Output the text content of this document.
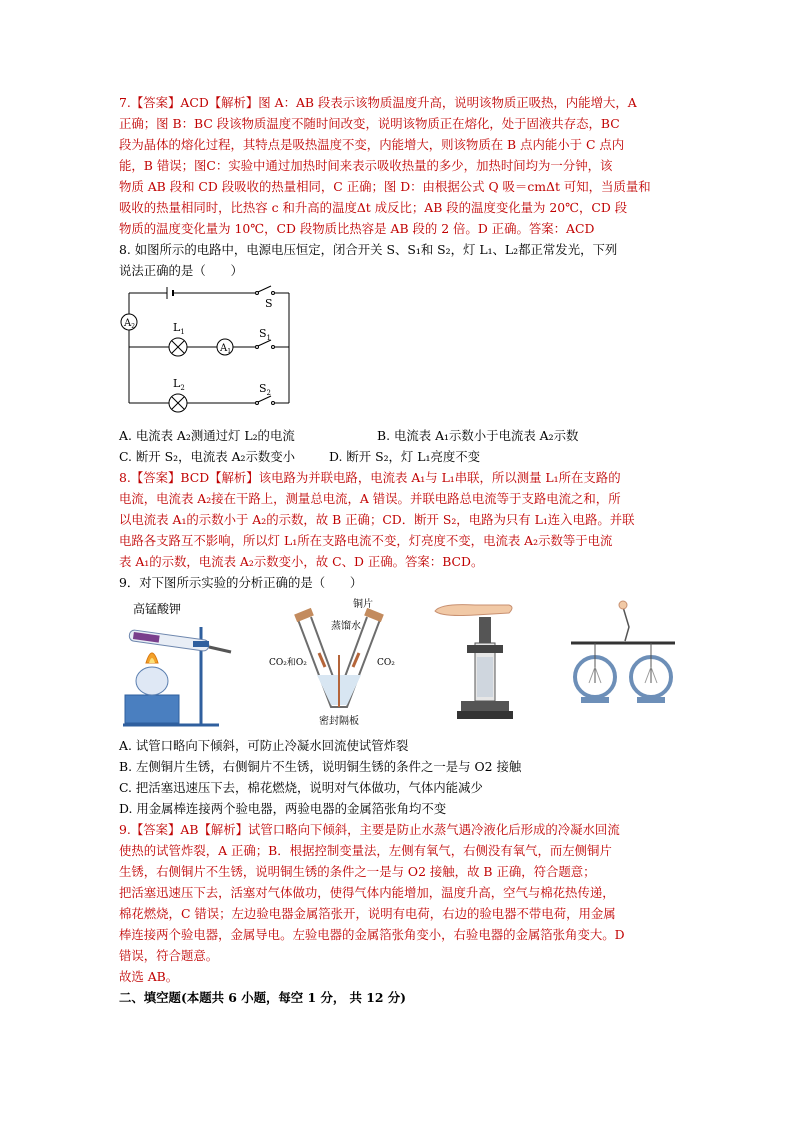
7.【答案】ACD【解析】图 A：AB 段表示该物质温度升高，说明该物质正吸热，内能增大，A
正确；图 B：BC 段该物质温度不随时间改变，说明该物质正在熔化，处于固液共存态，BC
段为晶体的熔化过程，其特点是吸热温度不变，内能增大，则该物质在 B 点内能小于 C 点内
能，B 错误；图C：实验中通过加热时间来表示吸收热量的多少，加热时间均为一分钟，该
物质 AB 段和 CD 段吸收的热量相同，C 正确；图 D：由根据公式 Q 吸＝cmΔt 可知，当质量和
吸收的热量相同时，比热容 c 和升高的温度Δt 成反比；AB 段的温度变化量为 20℃，CD 段
物质的温度变化量为 10℃，CD 段物质比热容是 AB 段的 2 倍。D 正确。答案：ACD
8. 如图所示的电路中，电源电压恒定，闭合开关 S、S₁和 S₂，灯 L₁、L₂都正常发光，下列
说法正确的是（　　）
S
$S_1$
$S_2$
$L_1$
$L_2$
$A_1$
$A_2$
A. 电流表 A₂测通过灯 L₂的电流	B. 电流表 A₁示数小于电流表 A₂示数
C. 断开 S₂，电流表 A₂示数变小	D. 断开 S₂，灯 L₁亮度不变
8.【答案】BCD【解析】该电路为并联电路，电流表 A₁与 L₁串联，所以测量 L₁所在支路的
电流，电流表 A₂接在干路上，测量总电流，A 错误。并联电路总电流等于支路电流之和，所
以电流表 A₁的示数小于 A₂的示数，故 B 正确；CD．断开 S₂，电路为只有 L₁连入电路。并联
电路各支路互不影响，所以灯 L₁所在支路电流不变，灯亮度不变，电流表 A₂示数等于电流
表 A₁的示数，电流表 A₂示数变小，故 C、D 正确。答案：BCD。
9．对下图所示实验的分析正确的是（　　）
高锰酸钾	铜片
蒸馏水
CO₂和O₂	CO₂
密封隔板
A. 试管口略向下倾斜，可防止冷凝水回流使试管炸裂
B. 左侧铜片生锈，右侧铜片不生锈，说明铜生锈的条件之一是与 O2 接触
C. 把活塞迅速压下去，棉花燃烧，说明对气体做功，气体内能减少
D. 用金属棒连接两个验电器，两验电器的金属箔张角均不变
9.【答案】AB【解析】试管口略向下倾斜，主要是防止水蒸气遇冷液化后形成的冷凝水回流
使热的试管炸裂，A 正确；B．根据控制变量法，左侧有氧气，右侧没有氧气，而左侧铜片
生锈，右侧铜片不生锈，说明铜生锈的条件之一是与 O2 接触，故 B 正确，符合题意；
把活塞迅速压下去，活塞对气体做功，使得气体内能增加，温度升高，空气与棉花热传递，
棉花燃烧，C 错误；左边验电器金属箔张开，说明有电荷，右边的验电器不带电荷，用金属
棒连接两个验电器，金属导电。左验电器的金属箔张角变小，右验电器的金属箔张角变大。D
错误，符合题意。
故选 AB。
二、填空题(本题共 6 小题，每空 1 分， 共 12 分)
